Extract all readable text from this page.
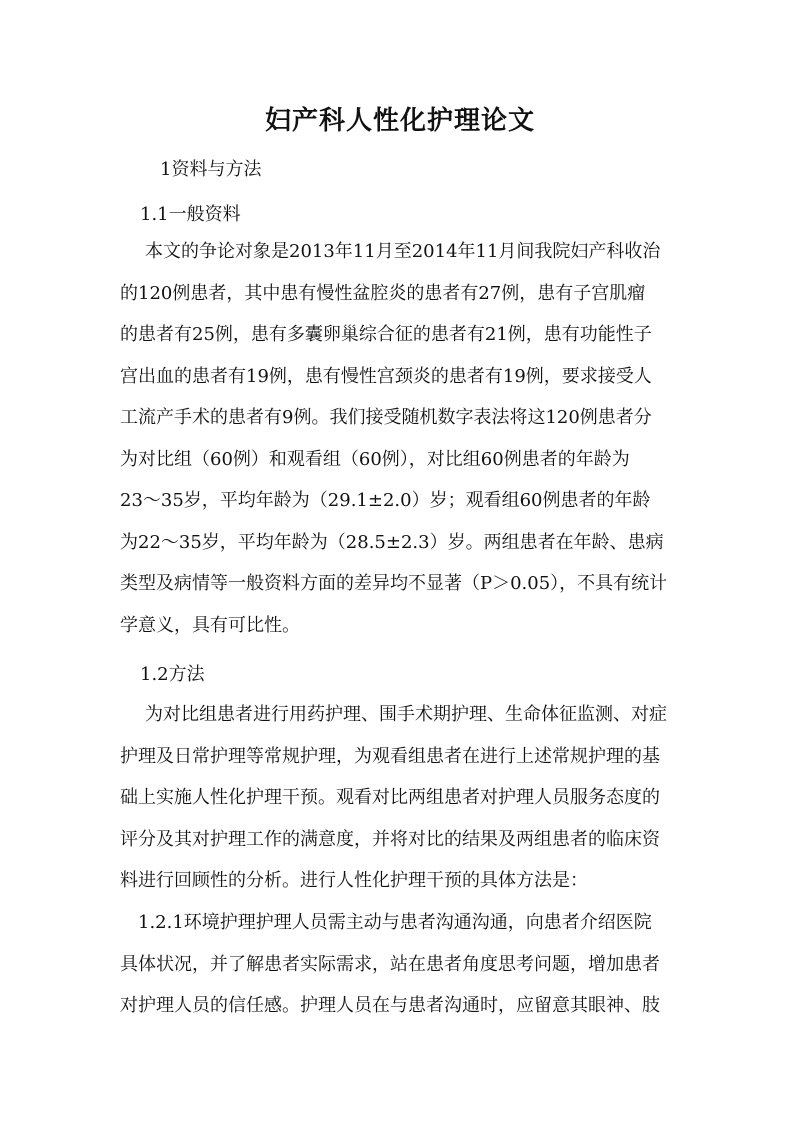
妇产科人性化护理论文

1资料与方法

1.1一般资料

本文的争论对象是2013年11月至2014年11月间我院妇产科收治
的120例患者，其中患有慢性盆腔炎的患者有27例，患有子宫肌瘤
的患者有25例，患有多囊卵巢综合征的患者有21例，患有功能性子
宫出血的患者有19例，患有慢性宫颈炎的患者有19例，要求接受人
工流产手术的患者有9例。我们接受随机数字表法将这120例患者分
为对比组（60例）和观看组（60例），对比组60例患者的年龄为
23～35岁，平均年龄为（29.1±2.0）岁；观看组60例患者的年龄
为22～35岁，平均年龄为（28.5±2.3）岁。两组患者在年龄、患病
类型及病情等一般资料方面的差异均不显著（P＞0.05），不具有统计
学意义，具有可比性。

1.2方法

为对比组患者进行用药护理、围手术期护理、生命体征监测、对症
护理及日常护理等常规护理，为观看组患者在进行上述常规护理的基
础上实施人性化护理干预。观看对比两组患者对护理人员服务态度的
评分及其对护理工作的满意度，并将对比的结果及两组患者的临床资
料进行回顾性的分析。进行人性化护理干预的具体方法是：
1.2.1环境护理护理人员需主动与患者沟通沟通，向患者介绍医院
具体状况，并了解患者实际需求，站在患者角度思考问题，增加患者
对护理人员的信任感。护理人员在与患者沟通时，应留意其眼神、肢
